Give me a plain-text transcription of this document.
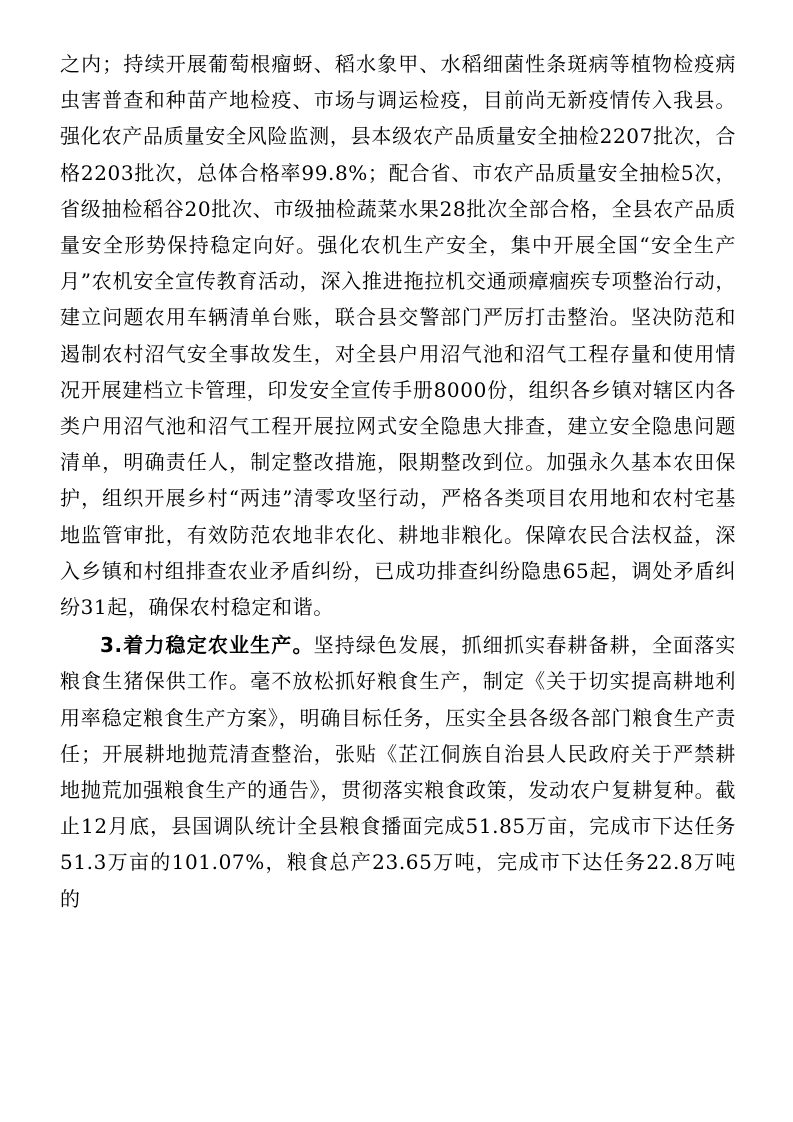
之内；持续开展葡萄根瘤蚜、稻水象甲、水稻细菌性条斑病等植物检疫病虫害普查和种苗产地检疫、市场与调运检疫，目前尚无新疫情传入我县。强化农产品质量安全风险监测，县本级农产品质量安全抽检2207批次，合格2203批次，总体合格率99.8%；配合省、市农产品质量安全抽检5次，省级抽检稻谷20批次、市级抽检蔬菜水果28批次全部合格，全县农产品质量安全形势保持稳定向好。强化农机生产安全，集中开展全国“安全生产月”农机安全宣传教育活动，深入推进拖拉机交通顽瘴痼疾专项整治行动，建立问题农用车辆清单台账，联合县交警部门严厉打击整治。坚决防范和遏制农村沼气安全事故发生，对全县户用沼气池和沼气工程存量和使用情况开展建档立卡管理，印发安全宣传手册8000份，组织各乡镇对辖区内各类户用沼气池和沼气工程开展拉网式安全隐患大排查，建立安全隐患问题清单，明确责任人，制定整改措施，限期整改到位。加强永久基本农田保护，组织开展乡村“两违”清零攻坚行动，严格各类项目农用地和农村宅基地监管审批，有效防范农地非农化、耕地非粮化。保障农民合法权益，深入乡镇和村组排查农业矛盾纠纷，已成功排查纠纷隐患65起，调处矛盾纠纷31起，确保农村稳定和谐。

3.着力稳定农业生产。坚持绿色发展，抓细抓实春耕备耕，全面落实粮食生猪保供工作。毫不放松抓好粮食生产，制定《关于切实提高耕地利用率稳定粮食生产方案》，明确目标任务，压实全县各级各部门粮食生产责任；开展耕地抛荒清查整治，张贴《芷江侗族自治县人民政府关于严禁耕地抛荒加强粮食生产的通告》，贯彻落实粮食政策，发动农户复耕复种。截止12月底，县国调队统计全县粮食播面完成51.85万亩，完成市下达任务51.3万亩的101.07%，粮食总产23.65万吨，完成市下达任务22.8万吨的
